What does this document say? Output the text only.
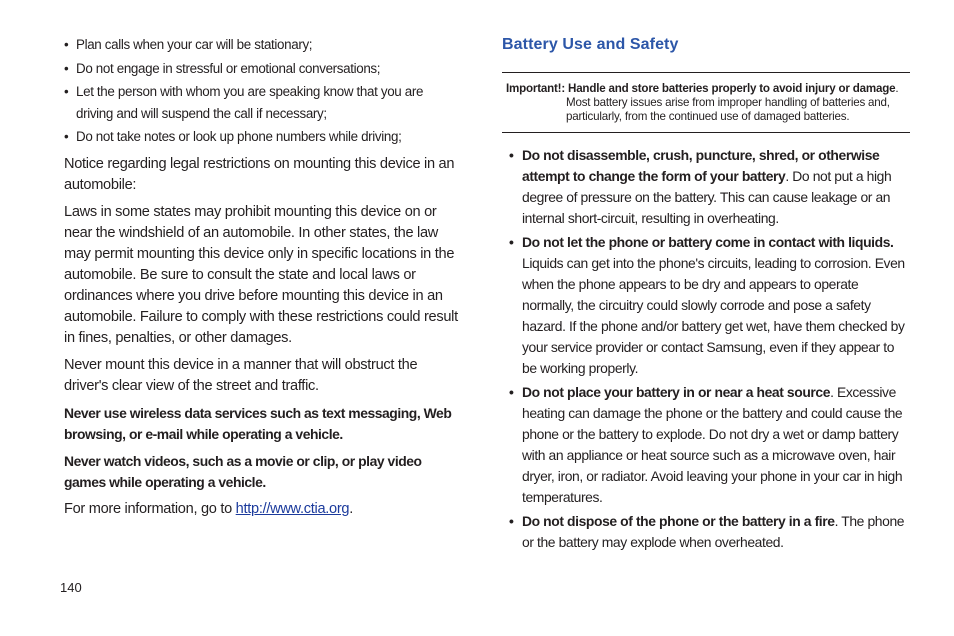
• Plan calls when your car will be stationary;
• Do not engage in stressful or emotional conversations;
• Let the person with whom you are speaking know that you are driving and will suspend the call if necessary;
• Do not take notes or look up phone numbers while driving;

Notice regarding legal restrictions on mounting this device in an automobile:

Laws in some states may prohibit mounting this device on or near the windshield of an automobile. In other states, the law may permit mounting this device only in specific locations in the automobile. Be sure to consult the state and local laws or ordinances where you drive before mounting this device in an automobile. Failure to comply with these restrictions could result in fines, penalties, or other damages.

Never mount this device in a manner that will obstruct the driver's clear view of the street and traffic.

Never use wireless data services such as text messaging, Web browsing, or e-mail while operating a vehicle.

Never watch videos, such as a movie or clip, or play video games while operating a vehicle.

For more information, go to http://www.ctia.org.

Battery Use and Safety
Important!: Handle and store batteries properly to avoid injury or damage.
Most battery issues arise from improper handling of batteries and, particularly, from the continued use of damaged batteries.
• Do not disassemble, crush, puncture, shred, or otherwise attempt to change the form of your battery. Do not put a high degree of pressure on the battery. This can cause leakage or an internal short-circuit, resulting in overheating.
• Do not let the phone or battery come in contact with liquids. Liquids can get into the phone's circuits, leading to corrosion. Even when the phone appears to be dry and appears to operate normally, the circuitry could slowly corrode and pose a safety hazard. If the phone and/or battery get wet, have them checked by your service provider or contact Samsung, even if they appear to be working properly.
• Do not place your battery in or near a heat source. Excessive heating can damage the phone or the battery and could cause the phone or the battery to explode. Do not dry a wet or damp battery with an appliance or heat source such as a microwave oven, hair dryer, iron, or radiator. Avoid leaving your phone in your car in high temperatures.
• Do not dispose of the phone or the battery in a fire. The phone or the battery may explode when overheated.
140
